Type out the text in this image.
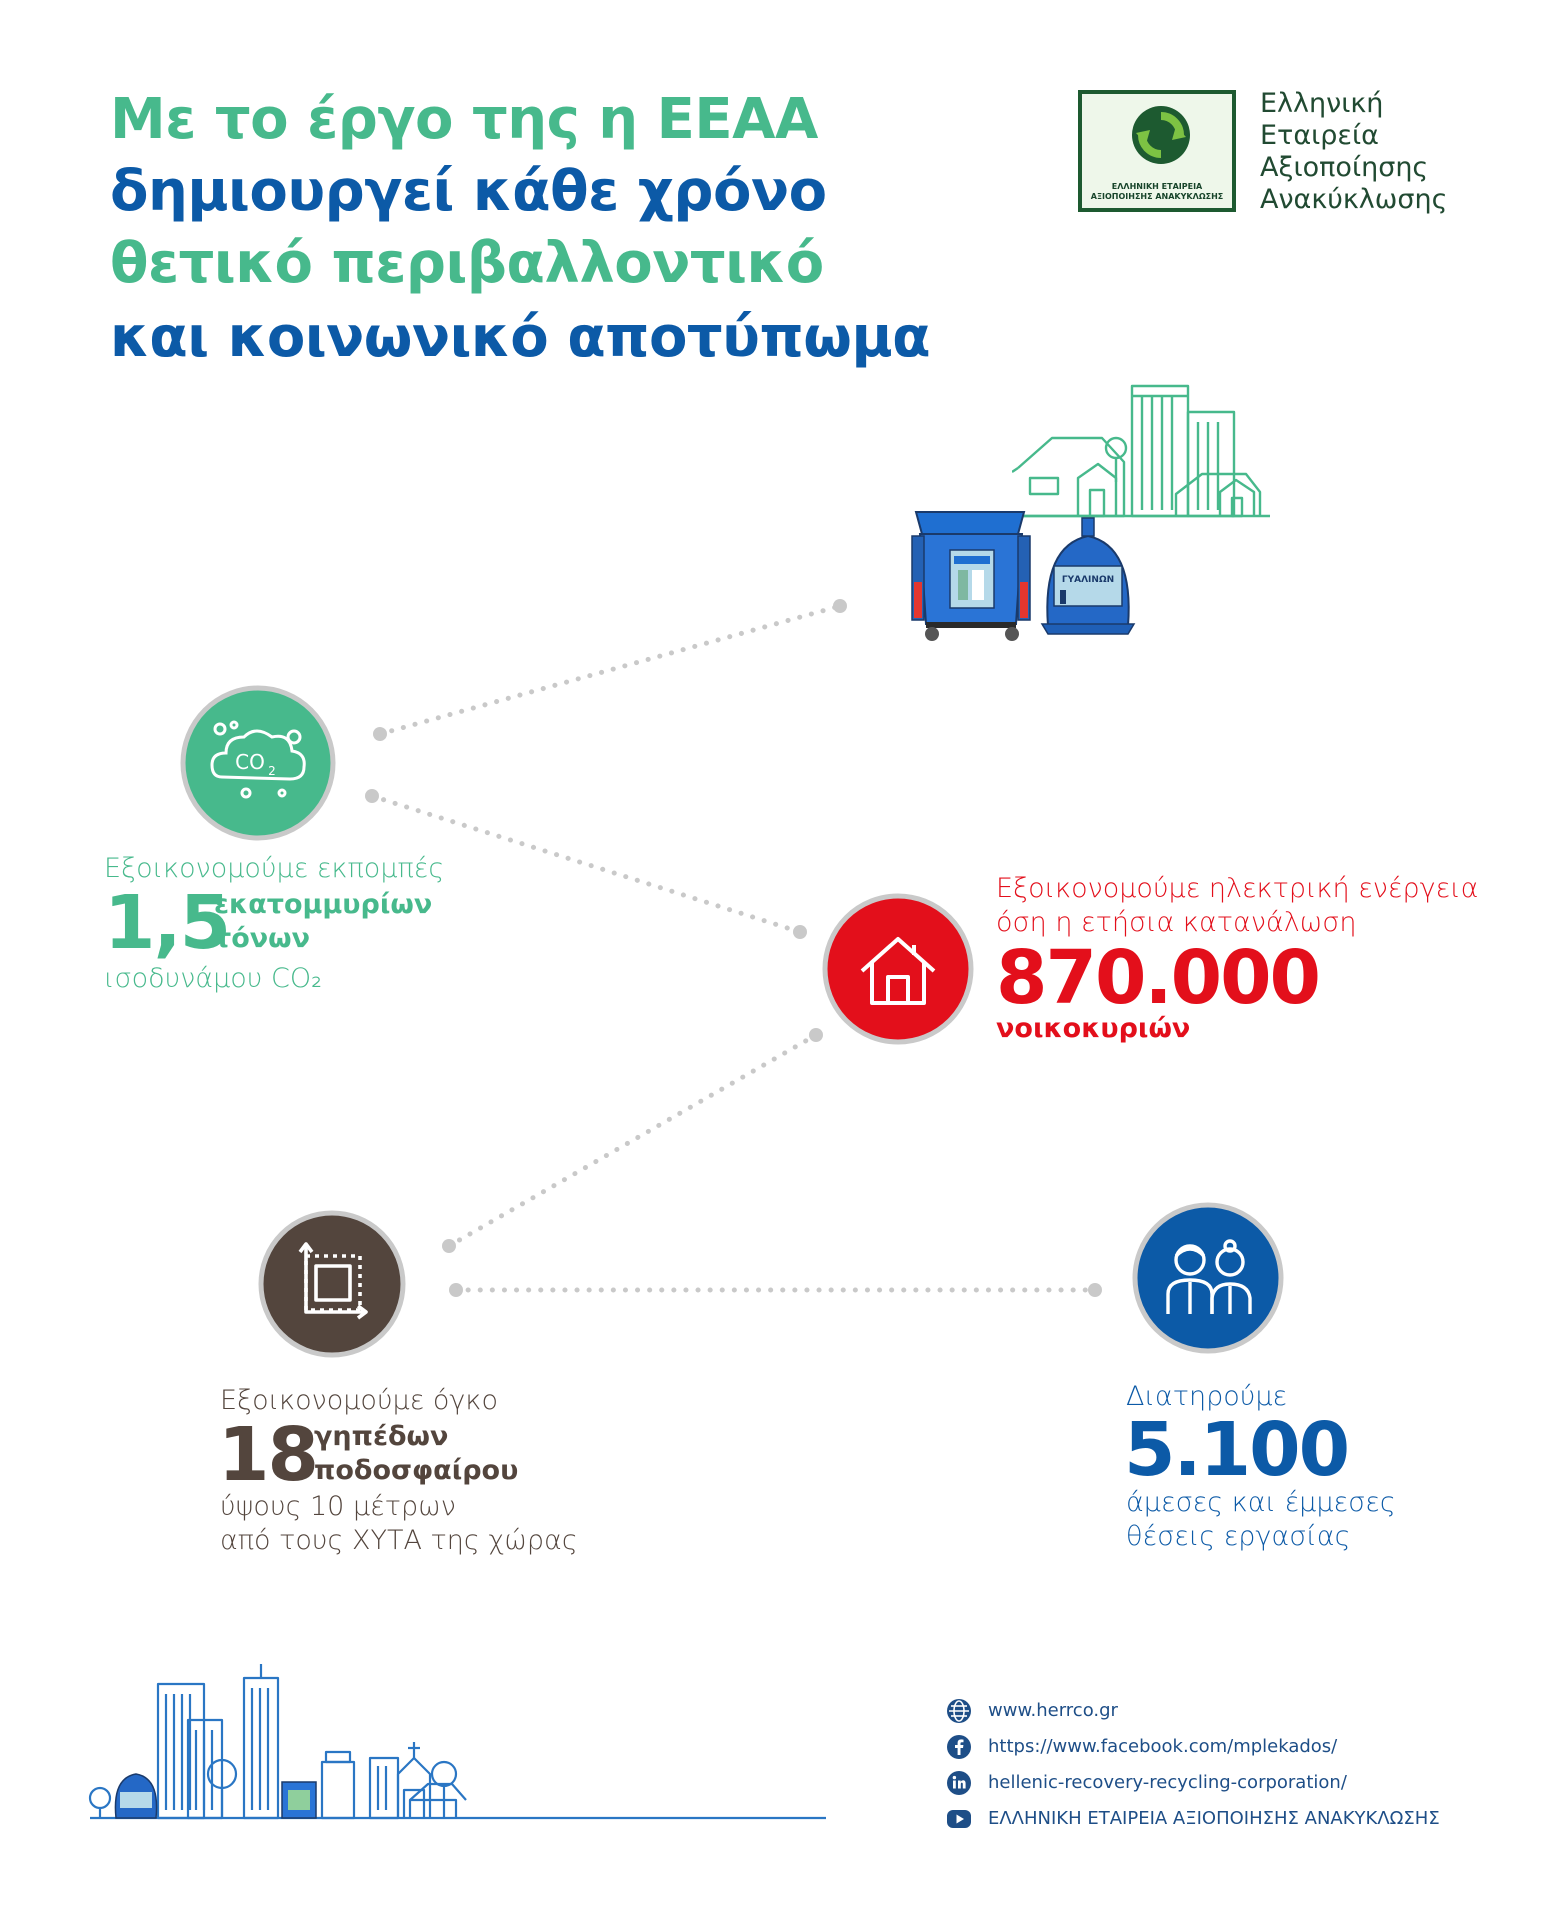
Με το έργο της η ΕΕΑΑ
δημιουργεί κάθε χρόνο
θετικό περιβαλλοντικό
και κοινωνικό αποτύπωμα
ΕΛΛΗΝΙΚΗ ΕΤΑΙΡΕΙΑ
ΑΞΙΟΠΟΙΗΣΗΣ ΑΝΑΚΥΚΛΩΣΗΣ
Ελληνική
Εταιρεία
Αξιοποίησης
Ανακύκλωσης
ΓΥΑΛΙΝΩΝ
CO 2
Εξοικονομούμε εκπομπές
1,5
εκατομμυρίων
τόνων
ισοδυνάμου CO₂
Εξοικονομούμε ηλεκτρική ενέργεια
όση η ετήσια κατανάλωση
870.000
νοικοκυριών
Εξοικονομούμε όγκο
18
γηπέδων
ποδοσφαίρου
ύψους 10 μέτρων
από τους ΧΥΤΑ της χώρας
Διατηρούμε
5.100
άμεσες και έμμεσες
θέσεις εργασίας
www.herrco.gr
https://www.facebook.com/mplekados/
hellenic-recovery-recycling-corporation/
ΕΛΛΗΝΙΚΗ ΕΤΑΙΡΕΙΑ ΑΞΙΟΠΟΙΗΣΗΣ ΑΝΑΚΥΚΛΩΣΗΣ
